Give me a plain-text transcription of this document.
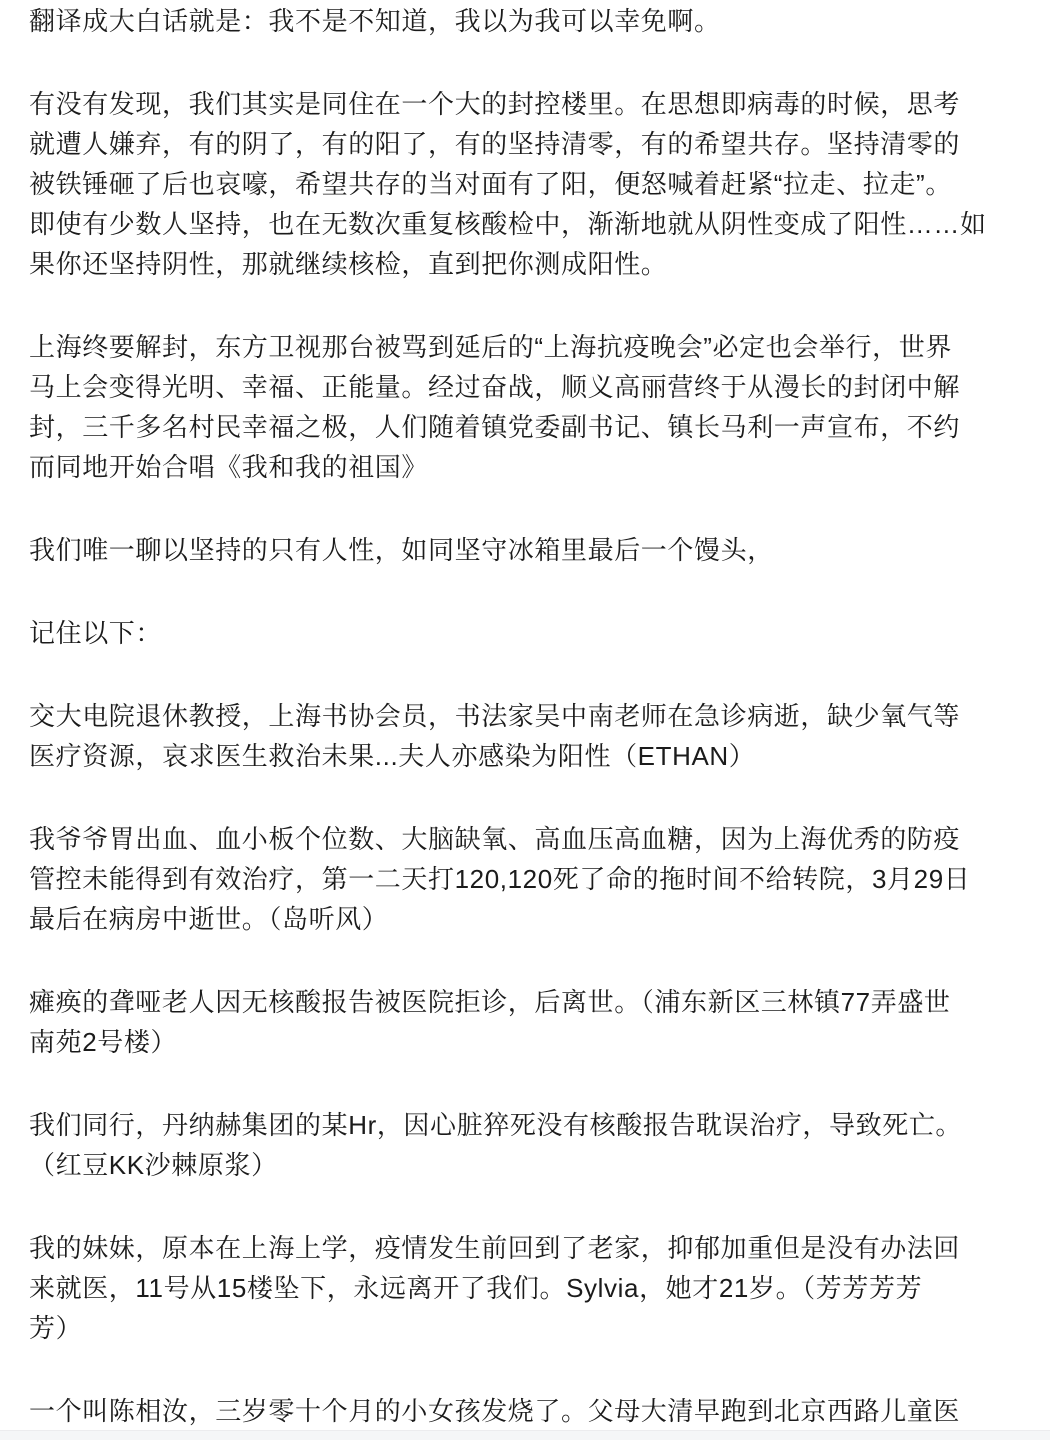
翻译成大白话就是：我不是不知道，我以为我可以幸免啊。

有没有发现，我们其实是同住在一个大的封控楼里。在思想即病毒的时候，思考
就遭人嫌弃，有的阴了，有的阳了，有的坚持清零，有的希望共存。坚持清零的
被铁锤砸了后也哀嚎，希望共存的当对面有了阳，便怒喊着赶紧“拉走、拉走”。
即使有少数人坚持，也在无数次重复核酸检中，渐渐地就从阴性变成了阳性……如
果你还坚持阴性，那就继续核检，直到把你测成阳性。

上海终要解封，东方卫视那台被骂到延后的“上海抗疫晚会”必定也会举行，世界
马上会变得光明、幸福、正能量。经过奋战，顺义高丽营终于从漫长的封闭中解
封，三千多名村民幸福之极，人们随着镇党委副书记、镇长马利一声宣布，不约
而同地开始合唱《我和我的祖国》

我们唯一聊以坚持的只有人性，如同坚守冰箱里最后一个馒头，

记住以下：

交大电院退休教授，上海书协会员，书法家吴中南老师在急诊病逝，缺少氧气等
医疗资源，哀求医生救治未果...夫人亦感染为阳性（ETHAN）

我爷爷胃出血、血小板个位数、大脑缺氧、高血压高血糖，因为上海优秀的防疫
管控未能得到有效治疗，第一二天打120,120死了命的拖时间不给转院，3月29日
最后在病房中逝世。（岛听风）

瘫痪的聋哑老人因无核酸报告被医院拒诊，后离世。（浦东新区三林镇77弄盛世
南苑2号楼）

我们同行，丹纳赫集团的某Hr，因心脏猝死没有核酸报告耽误治疗，导致死亡。
（红豆KK沙棘原浆）

我的妹妹，原本在上海上学，疫情发生前回到了老家，抑郁加重但是没有办法回
来就医，11号从15楼坠下，永远离开了我们。Sylvia，她才21岁。（芳芳芳芳
芳）

一个叫陈相汝，三岁零十个月的小女孩发烧了。父母大清早跑到北京西路儿童医
